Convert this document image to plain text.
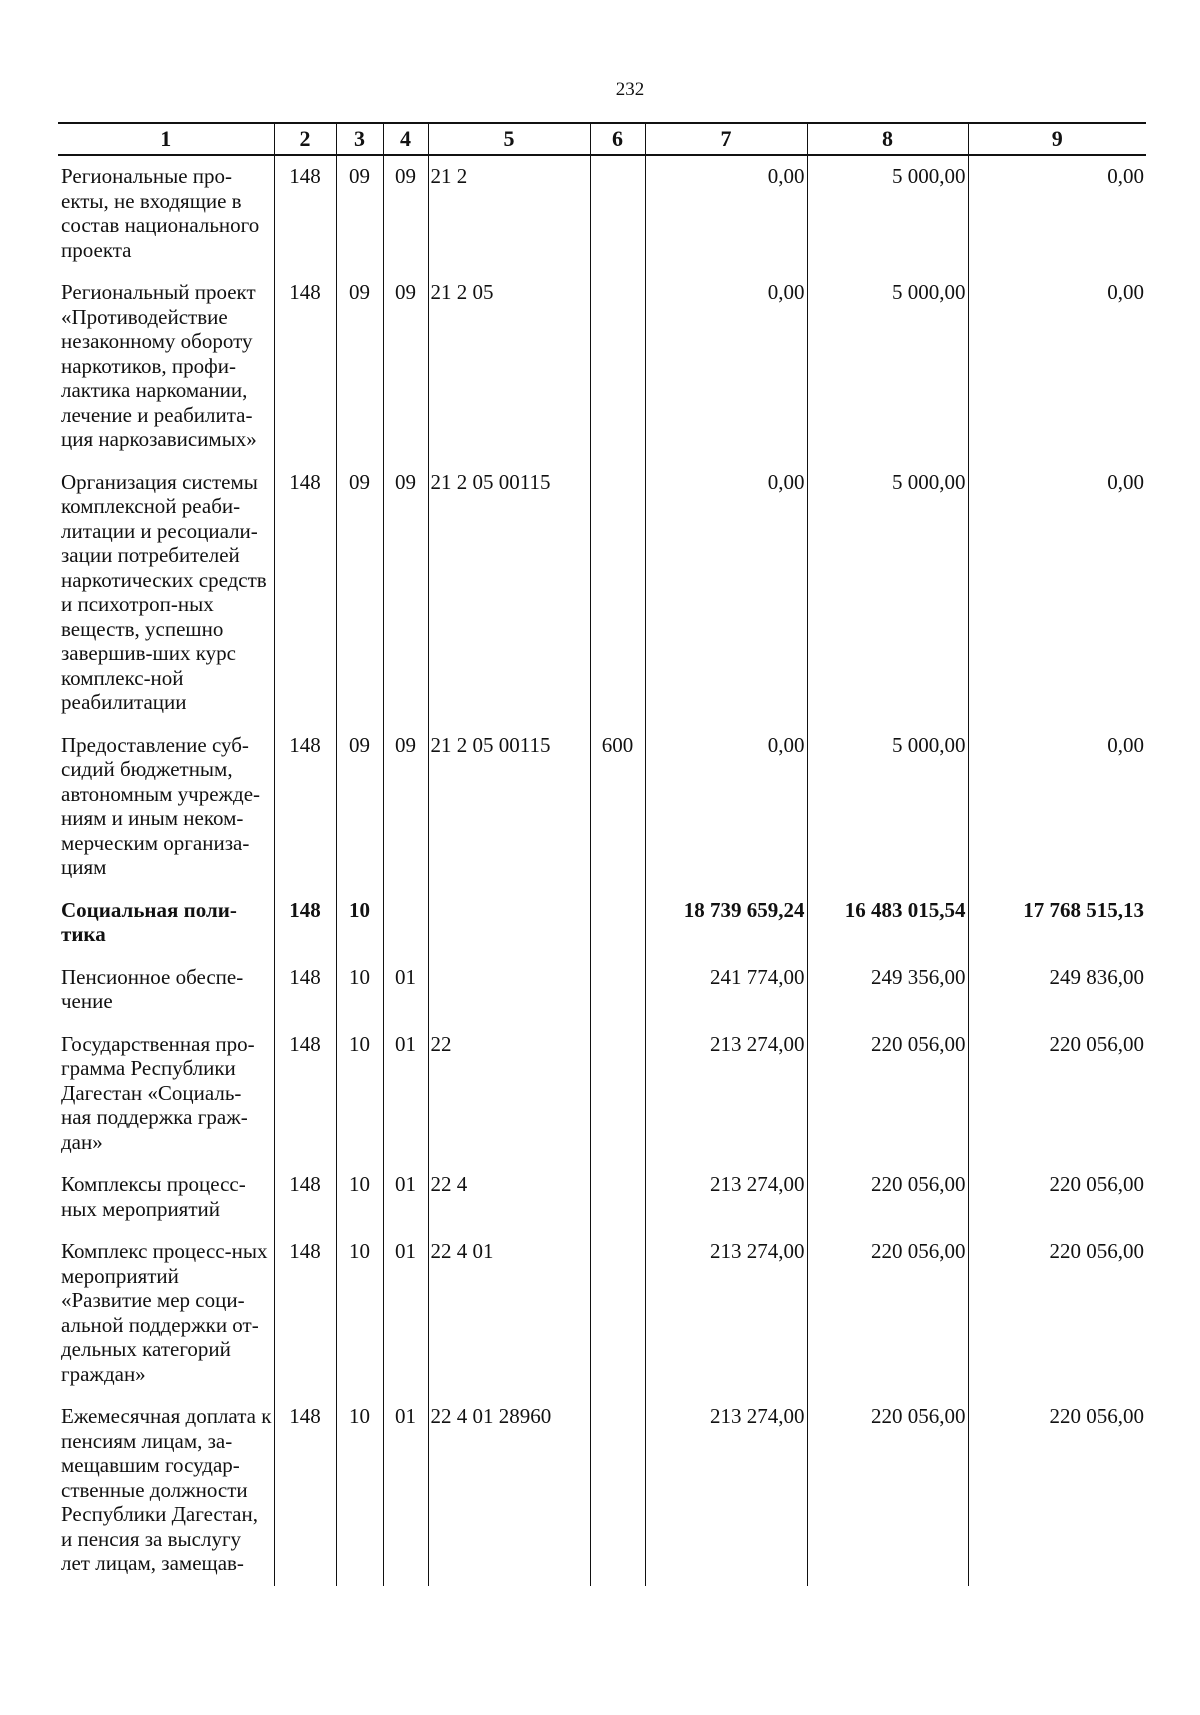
232
1	2	3	4	5	6	7	8	9
Региональные про-екты, не входящие в состав национального проекта	148	09	09	21 2		0,00	5 000,00	0,00
Региональный проект «Противодействие незаконному обороту наркотиков, профи-лактика наркомании, лечение и реабилита-ция наркозависимых»	148	09	09	21 2 05		0,00	5 000,00	0,00
Организация системы комплексной реаби-литации и ресоциали-зации потребителей наркотических средств и психотроп-ных веществ, успешно завершив-ших курс комплекс-ной реабилитации	148	09	09	21 2 05 00115		0,00	5 000,00	0,00
Предоставление суб-сидий бюджетным, автономным учрежде-ниям и иным неком-мерческим организа-циям	148	09	09	21 2 05 00115	600	0,00	5 000,00	0,00
Социальная поли-тика	148	10				18 739 659,24	16 483 015,54	17 768 515,13
Пенсионное обеспе-чение	148	10	01			241 774,00	249 356,00	249 836,00
Государственная про-грамма Республики Дагестан «Социаль-ная поддержка граж-дан»	148	10	01	22		213 274,00	220 056,00	220 056,00
Комплексы процесс-ных мероприятий	148	10	01	22 4		213 274,00	220 056,00	220 056,00
Комплекс процесс-ных мероприятий «Развитие мер соци-альной поддержки от-дельных категорий граждан»	148	10	01	22 4 01		213 274,00	220 056,00	220 056,00
Ежемесячная доплата к пенсиям лицам, за-мещавшим государ-ственные должности Республики Дагестан, и пенсия за выслугу лет лицам, замещав-	148	10	01	22 4 01 28960		213 274,00	220 056,00	220 056,00
